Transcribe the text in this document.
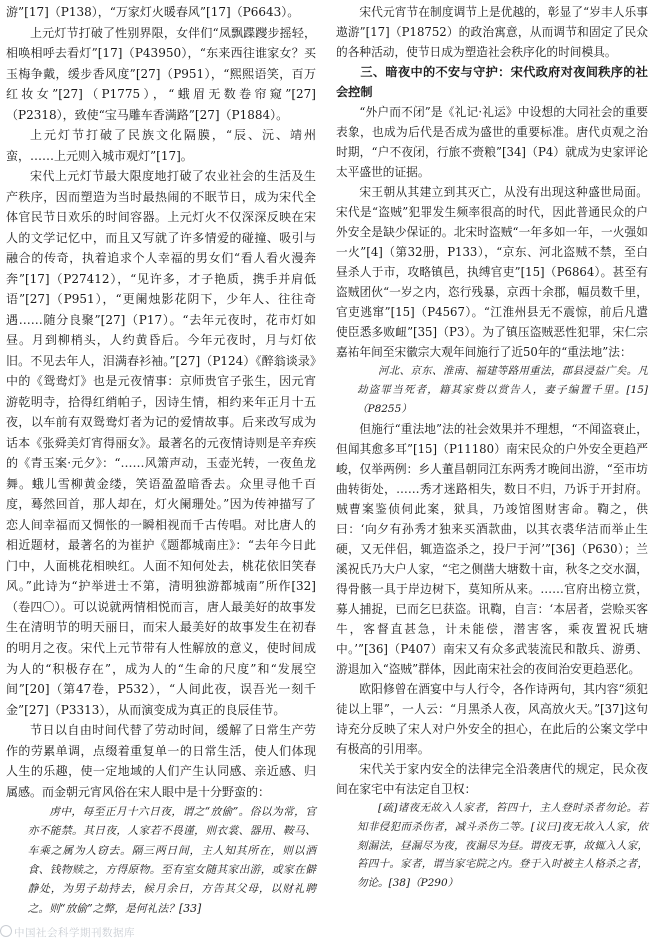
游”[17]（P138），“万家灯火暖春风”[17]（P6643）。

上元灯节打破了性别界限，女伴们“凤飘蹀躞步摇轻，相唤相呼去看灯”[17]（P43950），“东来西往谁家女？买玉梅争戴，缓步香风度”[27]（P951），“熙熙语笑，百万红妆女”[27]（P1775），“蛾眉无数卷帘窥”[27]（P2318），致使“宝马雕车香满路”[27]（P1884）。

上元灯节打破了民族文化隔膜，“辰、沅、靖州蛮，……上元则入城市观灯”[17]。

宋代上元灯节最大限度地打破了农业社会的生活及生产秩序，因而塑造为当时最热闹的不眠节日，成为宋代全体官民节日欢乐的时间容器。上元灯火不仅深深反映在宋人的文学记忆中，而且又写就了许多情爱的碰撞、吸引与融合的传奇，执着追求个人幸福的男女们“看人看火漫奔奔”[17]（P27412），“见许多，才子艳质，携手并肩低语”[27]（P951），“更阑烛影花阴下，少年人、往往奇遇……随分良聚”[27]（P17）。“去年元夜时，花市灯如昼。月到柳梢头，人约黄昏后。今年元夜时，月与灯依旧。不见去年人，泪满春衫袖。”[27]（P124）《醉翁谈录》中的《鸳鸯灯》也是元夜情事：京师贵官子张生，因元宵游乾明寺，拾得红绡帕子，因诗生情，相约来年正月十五夜，以车前有双鸳鸯灯者为记的爱情故事。后来改写成为话本《张舜美灯宵得丽女》。最著名的元夜情诗则是辛弃疾的《青玉案·元夕》：“……风箫声动，玉壶光转，一夜鱼龙舞。蛾儿雪柳黄金缕，笑语盈盈暗香去。众里寻他千百度，蓦然回首，那人却在，灯火阑珊处。”因为传神描写了恋人间幸福而又惆怅的一瞬相视而千古传唱。对比唐人的相近题材，最著名的为崔护《题都城南庄》：“去年今日此门中，人面桃花相映红。人面不知何处去，桃花依旧笑春风。”此诗为“护举进士不第，清明独游都城南”所作[32]（卷四〇）。可以说就两情相悦而言，唐人最美好的故事发生在清明节的明天丽日，而宋人最美好的故事发生在初春的明月之夜。宋代上元节带有人性解放的意义，使时间成为人的“积极存在”，成为人的“生命的尺度”和“发展空间”[20]（第47卷，P532），“人间此夜，误吾光一刻千金”[27]（P3313），从而演变成为真正的良辰佳节。

节日以自由时间代替了劳动时间，缓解了日常生产劳作的劳累单调，点缀着重复单一的日常生活，使人们体现人生的乐趣，使一定地域的人们产生认同感、亲近感、归属感。而金朝元宵风俗在宋人眼中是十分野蛮的：

虏中，每至正月十六日夜，谓之“放偷”。俗以为常，官亦不能禁。其日夜，人家若不畏谨，则衣裳、器用、鞍马、车乘之属为人窃去。隔三两日间，主人知其所在，则以酒食、钱物赎之，方得原物。至有室女随其家出游，或家在僻静处，为男子劫持去，候月余日，方告其父母，以财礼聘之。则“放偷”之弊，是何礼法？[33]

宋代元宵节在制度调节上是优越的，彰显了“岁丰人乐事遨游”[17]（P18752）的政治寓意，从而调节和固定了民众的各种活动，使节日成为塑造社会秩序化的时间模具。

三、暗夜中的不安与守护：宋代政府对夜间秩序的社会控制

“外户而不闭”是《礼记·礼运》中设想的大同社会的重要表象，也成为后代是否成为盛世的重要标准。唐代贞观之治时期，“户不夜闭，行旅不赍粮”[34]（P4）就成为史家评论太平盛世的证据。

宋王朝从其建立到其灭亡，从没有出现这种盛世局面。宋代是“盗贼”犯罪发生频率很高的时代，因此普通民众的户外安全是缺少保证的。北宋时盗贼“一年多如一年，一火强如一火”[4]（第32册，P133），“京东、河北盗贼不禁，至白昼杀人于市，攻略镇邑，执缚官吏”[15]（P6864）。甚至有盗贼团伙“一岁之内，恣行残暴，京西十余郡，幅员数千里，官吏逃窜”[15]（P4567）。“江淮州县无不震惊，前后凡遣使臣悉多败衄”[35]（P3）。为了镇压盗贼恶性犯罪，宋仁宗嘉祐年间至宋徽宗大观年间施行了近50年的“重法地”法：

河北、京东、淮南、福建等路用重法，郡县浸益广矣。凡劫盗罪当死者，籍其家赀以赏告人，妻子编置千里。[15]（P8255）

但施行“重法地”法的社会效果并不理想，“不闻盗衰止，但闻其愈多耳”[15]（P11180）南宋民众的户外安全更趋严峻，仅举两例：乡人董昌朝同江东两秀才晚间出游，“至市坊曲转街处，……秀才迷路相失，数日不归，乃诉于开封府。贼曹案鉴侦伺此案，狱具，乃竣馆图财害命。鞫之，供曰：‘向夕有孙秀才独来买酒款曲，以其衣裘华洁而举止生硬，又无伴侣，辄造盗杀之，投尸于河’”[36]（P630）；兰溪祝氏乃大户人家，“宅之侧凿大塘数十亩，秋冬之交水涸，得骨骸一具于岸边树下，莫知所从来。……官府出榜立赏，募人捕捉，已而乞巳获盗。讯鞫，自言：‘本居者，尝赊买客牛，客督直甚急，计未能偿，潜害客，乘夜置祝氏塘中。’”[36]（P407）南宋又有众多武装流民和散兵、游勇、游退加入“盗贼”群体，因此南宋社会的夜间治安更趋恶化。

欧阳修曾在酒宴中与人行令，各作诗两句，其内容“须犯徒以上罪”，一人云：“月黑杀人夜，风高放火天。”[37]这句诗充分反映了宋人对户外安全的担心，在此后的公案文学中有极高的引用率。

宋代关于家内安全的法律完全沿袭唐代的规定，民众夜间在家宅中有法定自卫权：

[疏]诸夜无故入人家者，笞四十，主人登时杀者勿论。若知非侵犯而杀伤者，减斗杀伤二等。[议曰]夜无故入人家，依刻漏法，昼漏尽为夜，夜漏尽为昼。谓夜无事，故辄入人家，笞四十。家者，谓当家宅院之内。登于入时被主人格杀之者，勿论。[38]（P290）
中国社会科学期刊数据库
